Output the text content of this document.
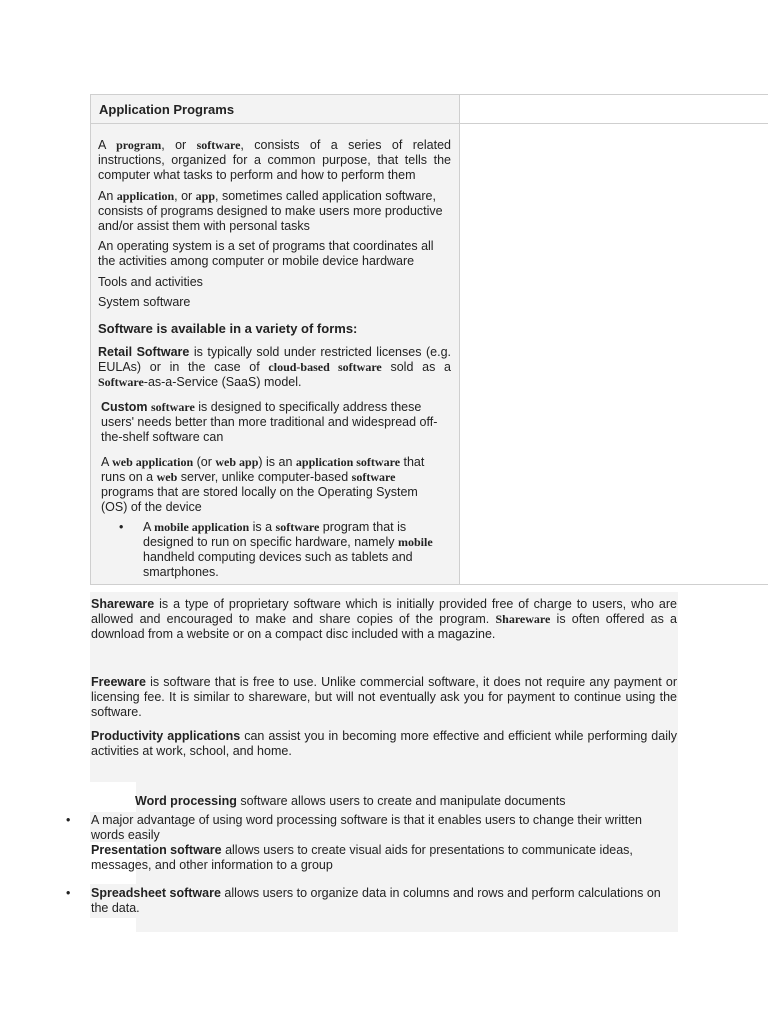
Application Programs
A program, or software, consists of a series of related instructions, organized for a common purpose, that tells the computer what tasks to perform and how to perform them
An application, or app, sometimes called application software, consists of programs designed to make users more productive and/or assist them with personal tasks
An operating system is a set of programs that coordinates all the activities among computer or mobile device hardware
Tools and activities
System software
Software is available in a variety of forms:
Retail Software is typically sold under restricted licenses (e.g. EULAs) or in the case of cloud-based software sold as a Software-as-a-Service (SaaS) model.
Custom software is designed to specifically address these users' needs better than more traditional and widespread off-the-shelf software can
A web application (or web app) is an application software that runs on a web server, unlike computer-based software programs that are stored locally on the Operating System (OS) of the device
• A mobile application is a software program that is designed to run on specific hardware, namely mobile handheld computing devices such as tablets and smartphones.
Shareware is a type of proprietary software which is initially provided free of charge to users, who are allowed and encouraged to make and share copies of the program. Shareware is often offered as a download from a website or on a compact disc included with a magazine.
Freeware is software that is free to use. Unlike commercial software, it does not require any payment or licensing fee. It is similar to shareware, but will not eventually ask you for payment to continue using the software.
Productivity applications can assist you in becoming more effective and efficient while performing daily activities at work, school, and home.
Word processing software allows users to create and manipulate documents
• A major advantage of using word processing software is that it enables users to change their written words easily
Presentation software allows users to create visual aids for presentations to communicate ideas, messages, and other information to a group
• Spreadsheet software allows users to organize data in columns and rows and perform calculations on the data.
